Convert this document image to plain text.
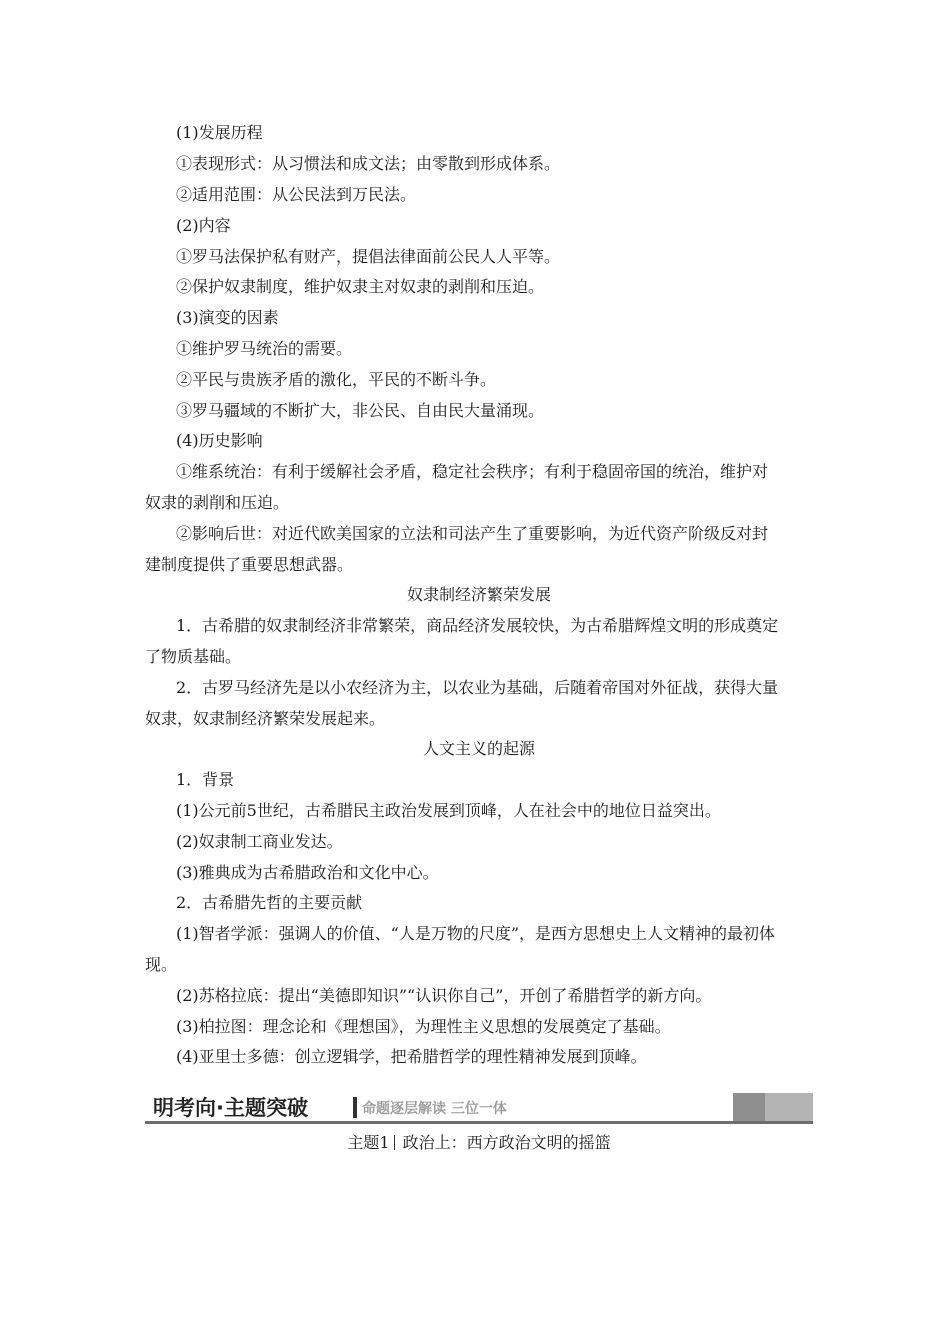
(1)发展历程
①表现形式：从习惯法和成文法；由零散到形成体系。
②适用范围：从公民法到万民法。
(2)内容
①罗马法保护私有财产，提倡法律面前公民人人平等。
②保护奴隶制度，维护奴隶主对奴隶的剥削和压迫。
(3)演变的因素
①维护罗马统治的需要。
②平民与贵族矛盾的激化，平民的不断斗争。
③罗马疆域的不断扩大，非公民、自由民大量涌现。
(4)历史影响
①维系统治：有利于缓解社会矛盾，稳定社会秩序；有利于稳固帝国的统治，维护对
奴隶的剥削和压迫。
②影响后世：对近代欧美国家的立法和司法产生了重要影响，为近代资产阶级反对封
建制度提供了重要思想武器。
奴隶制经济繁荣发展
1．古希腊的奴隶制经济非常繁荣，商品经济发展较快，为古希腊辉煌文明的形成奠定
了物质基础。
2．古罗马经济先是以小农经济为主，以农业为基础，后随着帝国对外征战，获得大量
奴隶，奴隶制经济繁荣发展起来。
人文主义的起源
1．背景
(1)公元前5世纪，古希腊民主政治发展到顶峰，人在社会中的地位日益突出。
(2)奴隶制工商业发达。
(3)雅典成为古希腊政治和文化中心。
2．古希腊先哲的主要贡献
(1)智者学派：强调人的价值、“人是万物的尺度”，是西方思想史上人文精神的最初体
现。
(2)苏格拉底：提出“美德即知识”“认识你自己”，开创了希腊哲学的新方向。
(3)柏拉图：理念论和《理想国》，为理性主义思想的发展奠定了基础。
(4)亚里士多德：创立逻辑学，把希腊哲学的理性精神发展到顶峰。
明考向·主题突破	命题逐层解读 三位一体
主题1 政治上：西方政治文明的摇篮
